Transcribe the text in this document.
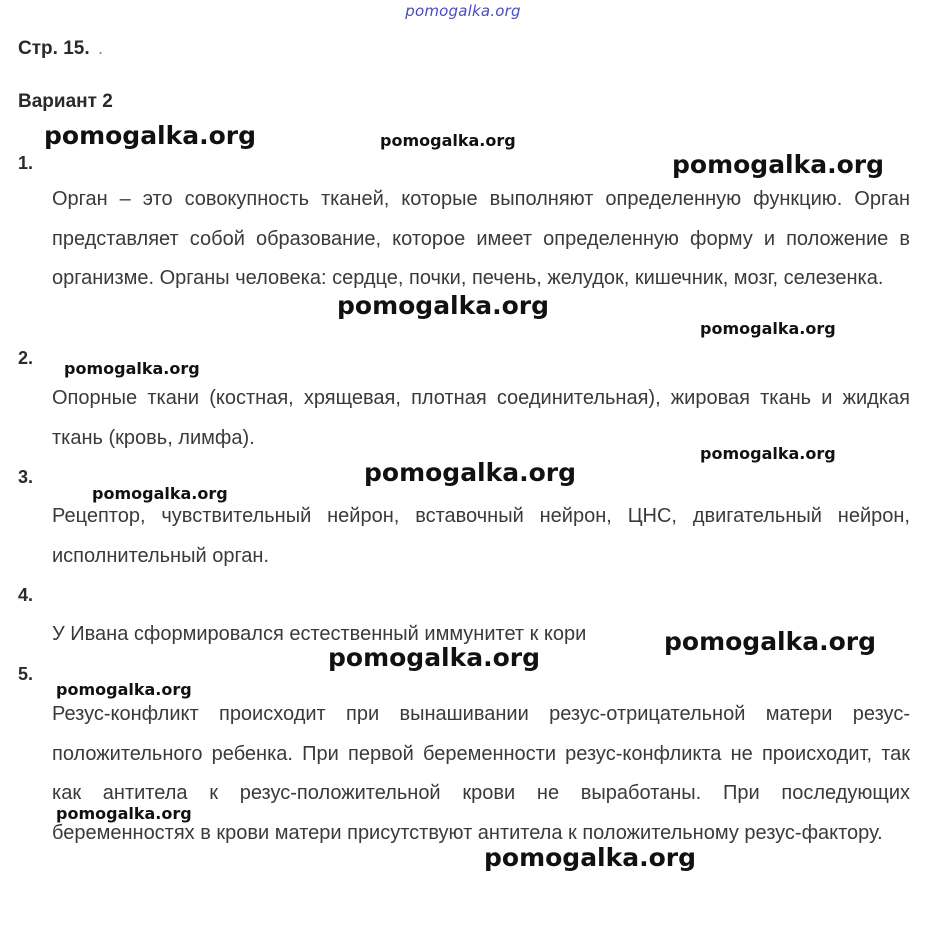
pomogalka.org
Стр. 15. .
Вариант 2
1.
Орган – это совокупность тканей, которые выполняют определенную функцию. Орган представляет собой образование, которое имеет определенную форму и положение в организме. Органы человека: сердце, почки, печень, желудок, кишечник, мозг, селезенка.
2.
Опорные ткани (костная, хрящевая, плотная соединительная), жировая ткань и жидкая ткань (кровь, лимфа).
3.
Рецептор, чувствительный нейрон, вставочный нейрон, ЦНС, двигательный нейрон, исполнительный орган.
4.
У Ивана сформировался естественный иммунитет к кори
5.
Резус-конфликт происходит при вынашивании резус-отрицательной матери резус-положительного ребенка. При первой беременности резус-конфликта не происходит, так как антитела к резус-положительной крови не выработаны. При последующих беременностях в крови матери присутствуют антитела к положительному резус-фактору.
pomogalka.org	pomogalka.org
pomogalka.org
pomogalka.org
pomogalka.org
pomogalka.org
pomogalka.org
pomogalka.org
pomogalka.org
pomogalka.org
pomogalka.org
pomogalka.org
pomogalka.org
pomogalka.org
